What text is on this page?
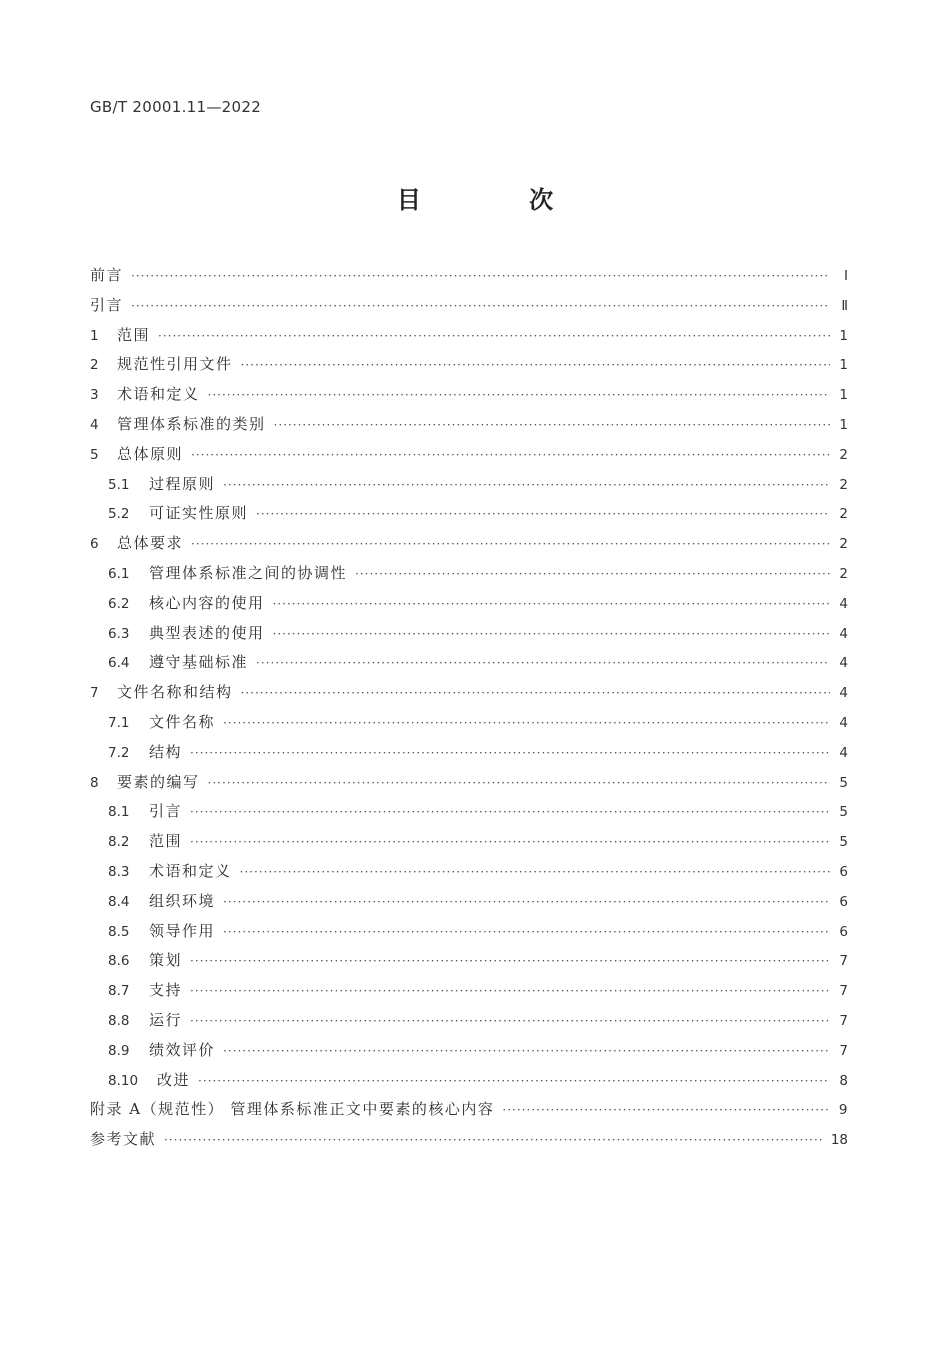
GB/T 20001.11—2022
目 次
前言 ·····	Ⅰ
引言 ·····	Ⅱ
1	范围 ·····	1
2	规范性引用文件 ·····	1
3	术语和定义 ·····	1
4	管理体系标准的类别 ·····	1
5	总体原则 ·····	2
5.1	过程原则 ·····	2
5.2	可证实性原则 ·····	2
6	总体要求 ·····	2
6.1	管理体系标准之间的协调性 ·····	2
6.2	核心内容的使用 ·····	4
6.3	典型表述的使用 ·····	4
6.4	遵守基础标准 ·····	4
7	文件名称和结构 ·····	4
7.1	文件名称 ·····	4
7.2	结构 ·····	4
8	要素的编写 ·····	5
8.1	引言 ·····	5
8.2	范围 ·····	5
8.3	术语和定义 ·····	6
8.4	组织环境 ·····	6
8.5	领导作用 ·····	6
8.6	策划 ·····	7
8.7	支持 ·····	7
8.8	运行 ·····	7
8.9	绩效评价 ·····	7
8.10	改进 ·····	8
附录 A（规范性） 管理体系标准正文中要素的核心内容 ·····	9
参考文献 ·····	18
